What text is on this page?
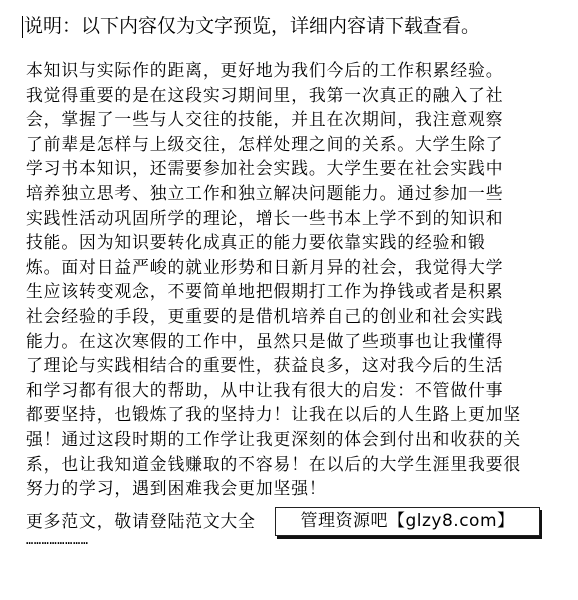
说明：以下内容仅为文字预览，详细内容请下载查看。
本知识与实际作的距离，更好地为我们今后的工作积累经验。
我觉得重要的是在这段实习期间里，我第一次真正的融入了社
会，掌握了一些与人交往的技能，并且在次期间，我注意观察
了前辈是怎样与上级交往，怎样处理之间的关系。大学生除了
学习书本知识，还需要参加社会实践。大学生要在社会实践中
培养独立思考、独立工作和独立解决问题能力。通过参加一些
实践性活动巩固所学的理论，增长一些书本上学不到的知识和
技能。因为知识要转化成真正的能力要依靠实践的经验和锻
炼。面对日益严峻的就业形势和日新月异的社会，我觉得大学
生应该转变观念，不要简单地把假期打工作为挣钱或者是积累
社会经验的手段，更重要的是借机培养自己的创业和社会实践
能力。在这次寒假的工作中，虽然只是做了些琐事也让我懂得
了理论与实践相结合的重要性，获益良多，这对我今后的生活
和学习都有很大的帮助，从中让我有很大的启发：不管做什事
都要坚持，也锻炼了我的坚持力！让我在以后的人生路上更加坚
强！通过这段时期的工作学让我更深刻的体会到付出和收获的关
系，也让我知道金钱赚取的不容易！在以后的大学生涯里我要很
努力的学习，遇到困难我会更加坚强！
更多范文，敬请登陆范文大全
……………………
管理资源吧【glzy8.com】
